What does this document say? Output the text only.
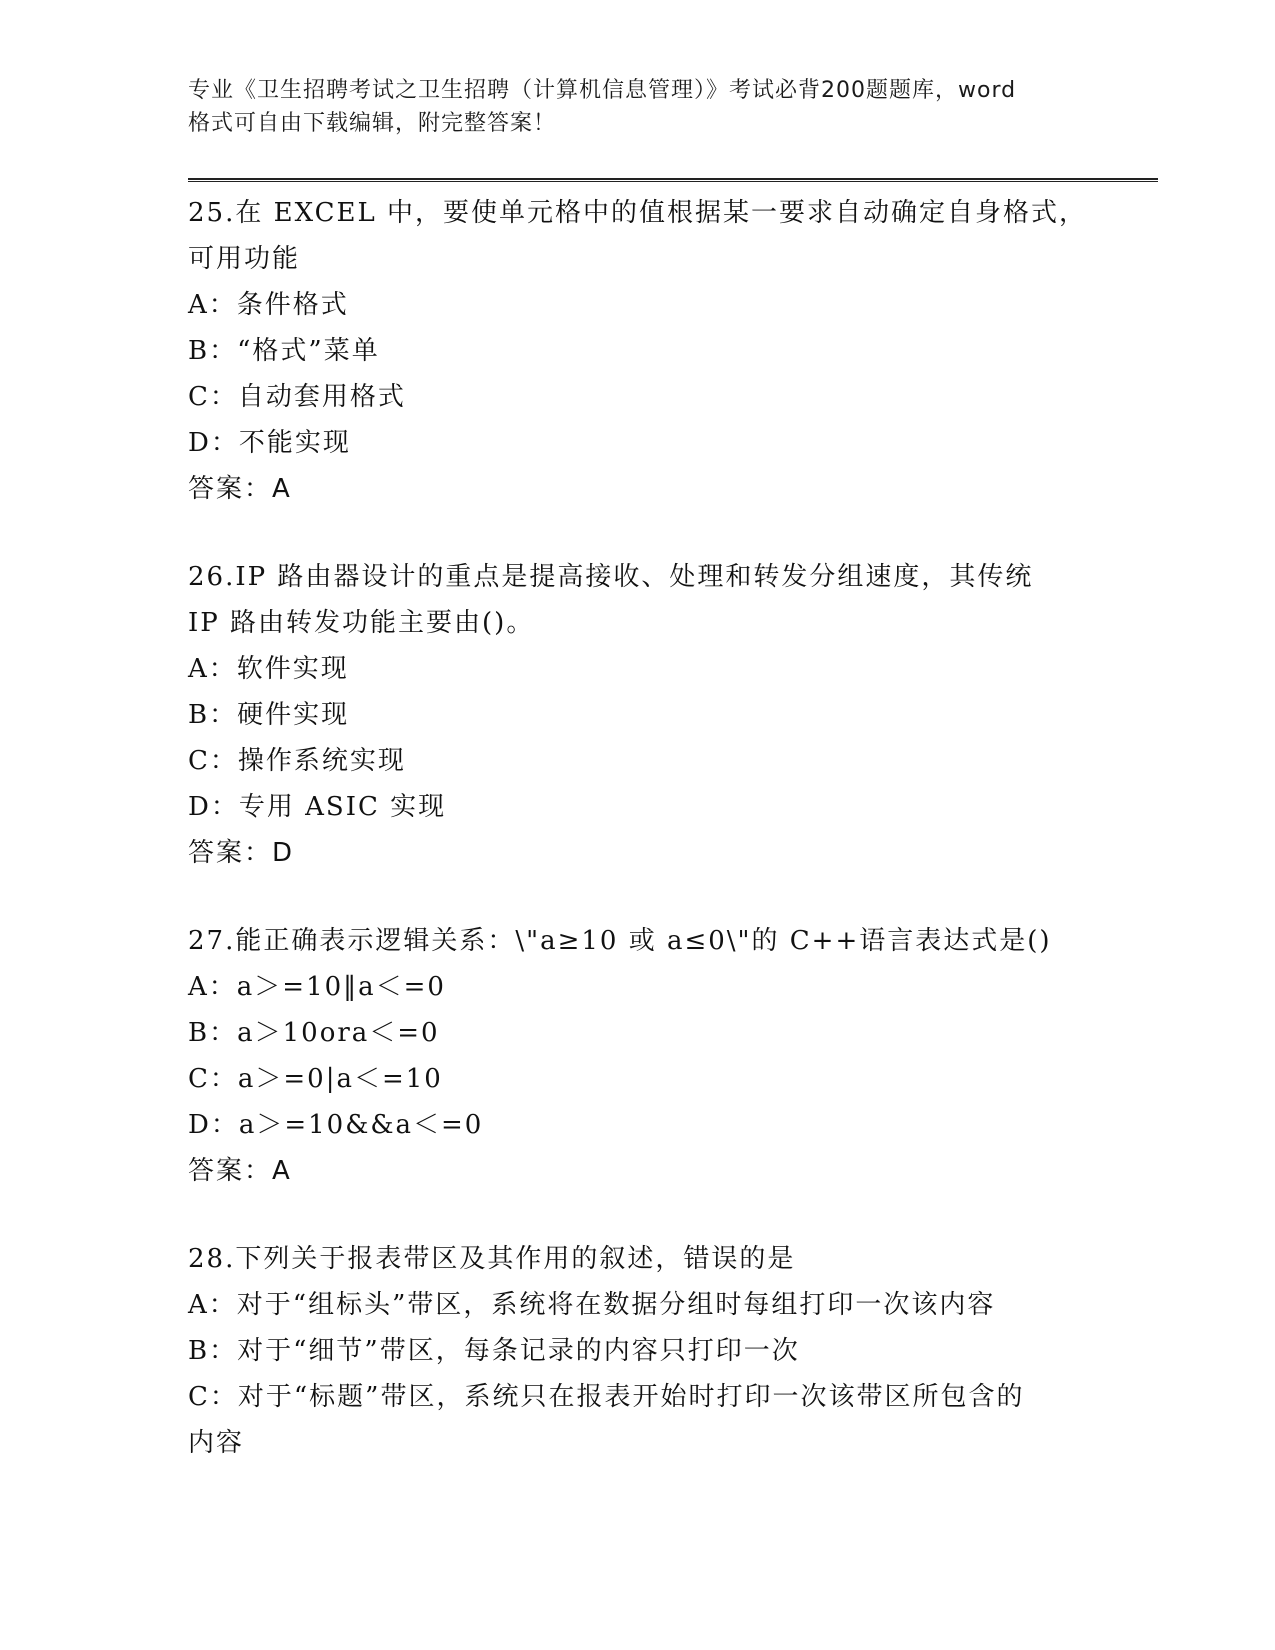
专业《卫生招聘考试之卫生招聘（计算机信息管理）》考试必背200题题库，word
格式可自由下载编辑，附完整答案！
25.在 EXCEL 中，要使单元格中的值根据某一要求自动确定自身格式，
可用功能
A：条件格式
B：“格式”菜单
C：自动套用格式
D：不能实现
答案：A
26.IP 路由器设计的重点是提高接收、处理和转发分组速度，其传统
IP 路由转发功能主要由()。
A：软件实现
B：硬件实现
C：操作系统实现
D：专用 ASIC 实现
答案：D
27.能正确表示逻辑关系：\"a≥10 或 a≤0\"的 C++语言表达式是()
A：a＞=10‖a＜=0
B：a＞10ora＜=0
C：a＞=0|a＜=10
D：a＞=10&&a＜=0
答案：A
28.下列关于报表带区及其作用的叙述，错误的是
A：对于“组标头”带区，系统将在数据分组时每组打印一次该内容
B：对于“细节”带区，每条记录的内容只打印一次
C：对于“标题”带区，系统只在报表开始时打印一次该带区所包含的
内容
